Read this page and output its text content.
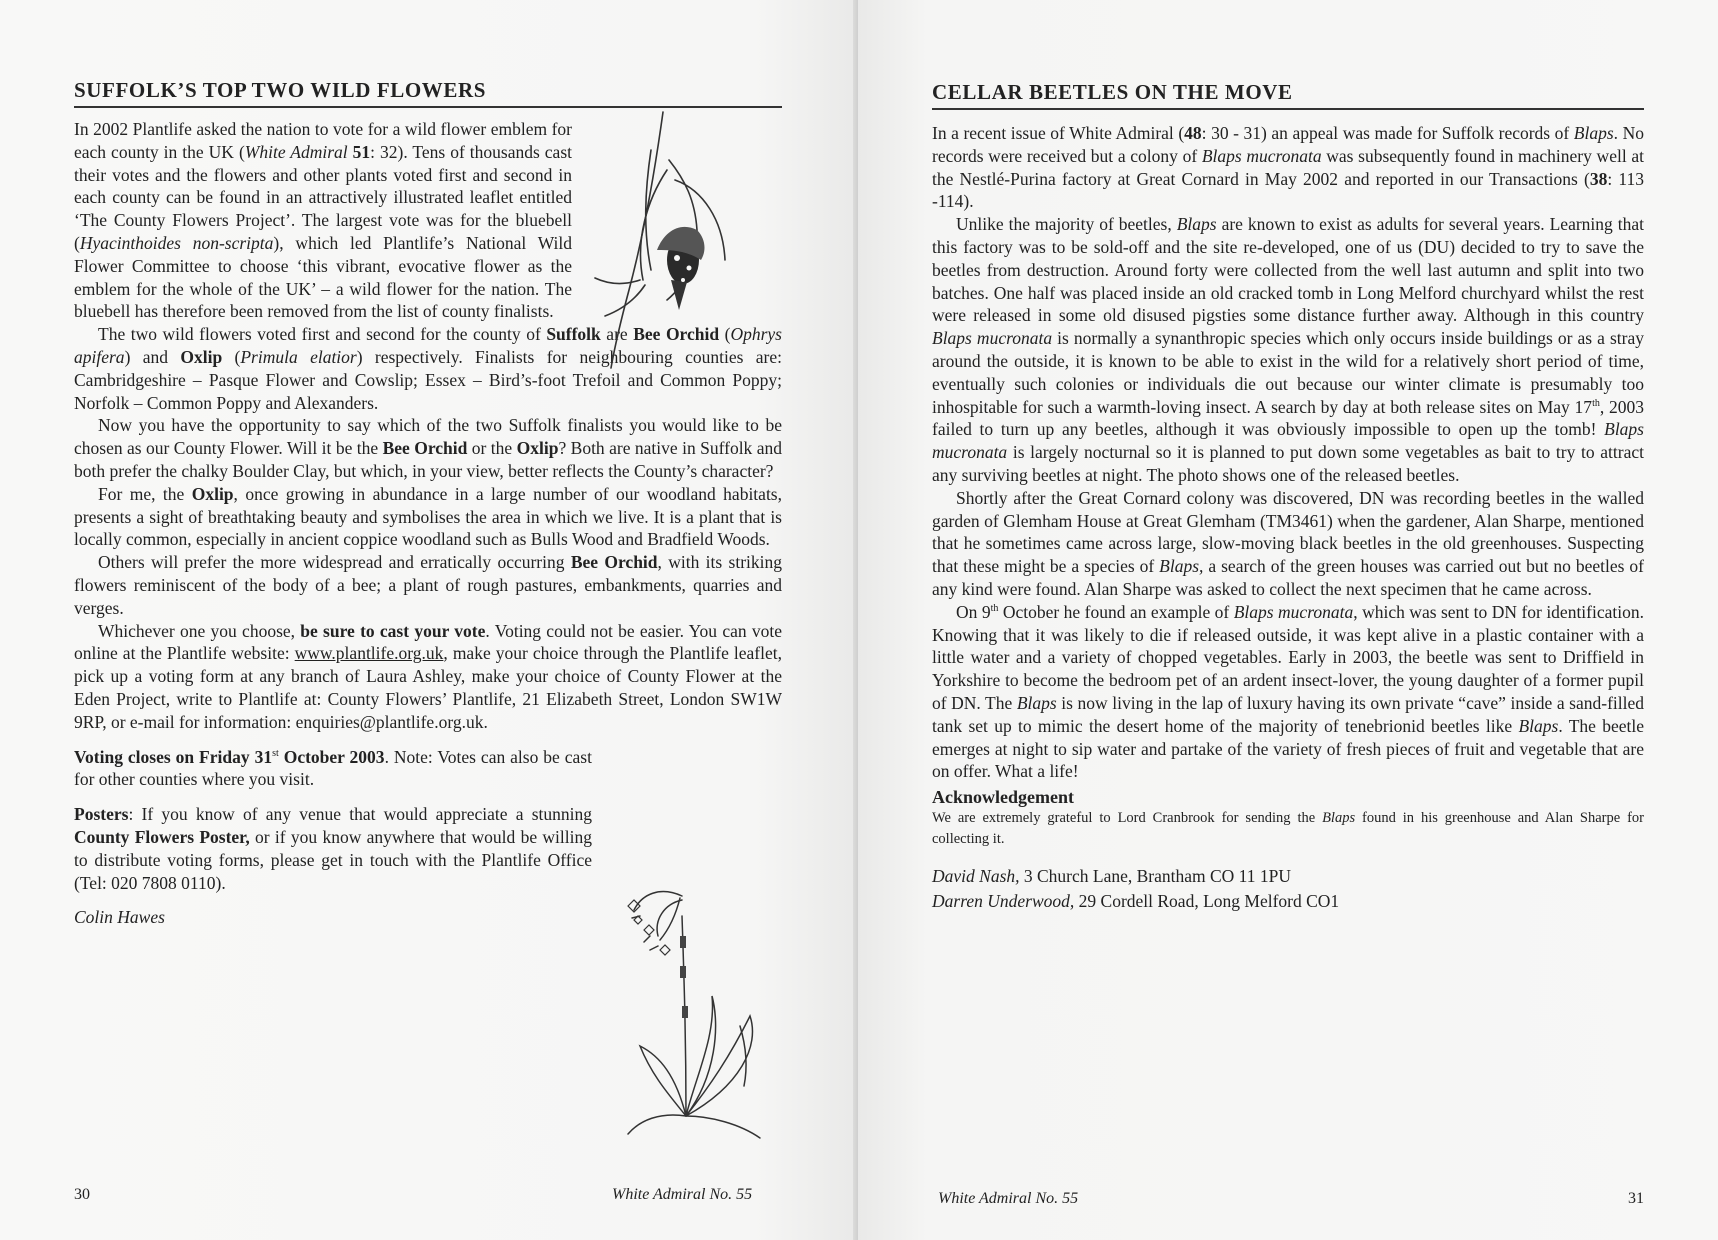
SUFFOLK’S TOP TWO WILD FLOWERS

In 2002 Plantlife asked the nation to vote for a wild flower emblem for each county in the UK (White Admiral 51: 32). Tens of thousands cast their votes and the flowers and other plants voted first and second in each county can be found in an attractively illustrated leaflet entitled ‘The County Flowers Project’. The largest vote was for the bluebell (Hyacinthoides non-scripta), which led Plantlife’s National Wild Flower Committee to choose ‘this vibrant, evocative flower as the emblem for the whole of the UK’ – a wild flower for the nation. The bluebell has therefore been removed from the list of county finalists.

The two wild flowers voted first and second for the county of Suffolk are Bee Orchid (Ophrys apifera) and Oxlip (Primula elatior) respectively. Finalists for neighbouring counties are: Cambridgeshire – Pasque Flower and Cowslip; Essex – Bird’s-foot Trefoil and Common Poppy; Norfolk – Common Poppy and Alexanders.

Now you have the opportunity to say which of the two Suffolk finalists you would like to be chosen as our County Flower. Will it be the Bee Orchid or the Oxlip? Both are native in Suffolk and both prefer the chalky Boulder Clay, but which, in your view, better reflects the County’s character?

For me, the Oxlip, once growing in abundance in a large number of our woodland habitats, presents a sight of breathtaking beauty and symbolises the area in which we live. It is a plant that is locally common, especially in ancient coppice woodland such as Bulls Wood and Bradfield Woods.

Others will prefer the more widespread and erratically occurring Bee Orchid, with its striking flowers reminiscent of the body of a bee; a plant of rough pastures, embankments, quarries and verges.

Whichever one you choose, be sure to cast your vote. Voting could not be easier. You can vote online at the Plantlife website: www.plantlife.org.uk, make your choice through the Plantlife leaflet, pick up a voting form at any branch of Laura Ashley, make your choice of County Flower at the Eden Project, write to Plantlife at: County Flowers’ Plantlife, 21 Elizabeth Street, London SW1W 9RP, or e-mail for information: enquiries@plantlife.org.uk.

Voting closes on Friday 31st October 2003. Note: Votes can also be cast for other counties where you visit.

Posters: If you know of any venue that would appreciate a stunning County Flowers Poster, or if you know anywhere that would be willing to distribute voting forms, please get in touch with the Plantlife Office (Tel: 020 7808 0110).

Colin Hawes

30	White Admiral No. 55
CELLAR BEETLES ON THE MOVE

In a recent issue of White Admiral (48: 30 - 31) an appeal was made for Suffolk records of Blaps. No records were received but a colony of Blaps mucronata was subsequently found in machinery well at the Nestlé-Purina factory at Great Cornard in May 2002 and reported in our Transactions (38: 113 -114).

Unlike the majority of beetles, Blaps are known to exist as adults for several years. Learning that this factory was to be sold-off and the site re-developed, one of us (DU) decided to try to save the beetles from destruction. Around forty were collected from the well last autumn and split into two batches. One half was placed inside an old cracked tomb in Long Melford churchyard whilst the rest were released in some old disused pigsties some distance further away. Although in this country Blaps mucronata is normally a synanthropic species which only occurs inside buildings or as a stray around the outside, it is known to be able to exist in the wild for a relatively short period of time, eventually such colonies or individuals die out because our winter climate is presumably too inhospitable for such a warmth-loving insect. A search by day at both release sites on May 17th, 2003 failed to turn up any beetles, although it was obviously impossible to open up the tomb! Blaps mucronata is largely nocturnal so it is planned to put down some vegetables as bait to try to attract any surviving beetles at night. The photo shows one of the released beetles.

Shortly after the Great Cornard colony was discovered, DN was recording beetles in the walled garden of Glemham House at Great Glemham (TM3461) when the gardener, Alan Sharpe, mentioned that he sometimes came across large, slow-moving black beetles in the old greenhouses. Suspecting that these might be a species of Blaps, a search of the green houses was carried out but no beetles of any kind were found. Alan Sharpe was asked to collect the next specimen that he came across.

On 9th October he found an example of Blaps mucronata, which was sent to DN for identification. Knowing that it was likely to die if released outside, it was kept alive in a plastic container with a little water and a variety of chopped vegetables. Early in 2003, the beetle was sent to Driffield in Yorkshire to become the bedroom pet of an ardent insect-lover, the young daughter of a former pupil of DN. The Blaps is now living in the lap of luxury having its own private “cave” inside a sand-filled tank set up to mimic the desert home of the majority of tenebrionid beetles like Blaps. The beetle emerges at night to sip water and partake of the variety of fresh pieces of fruit and vegetable that are on offer. What a life!

Acknowledgement

We are extremely grateful to Lord Cranbrook for sending the Blaps found in his greenhouse and Alan Sharpe for collecting it.

David Nash, 3 Church Lane, Brantham CO 11 1PU
Darren Underwood, 29 Cordell Road, Long Melford CO1
White Admiral No. 55	31
